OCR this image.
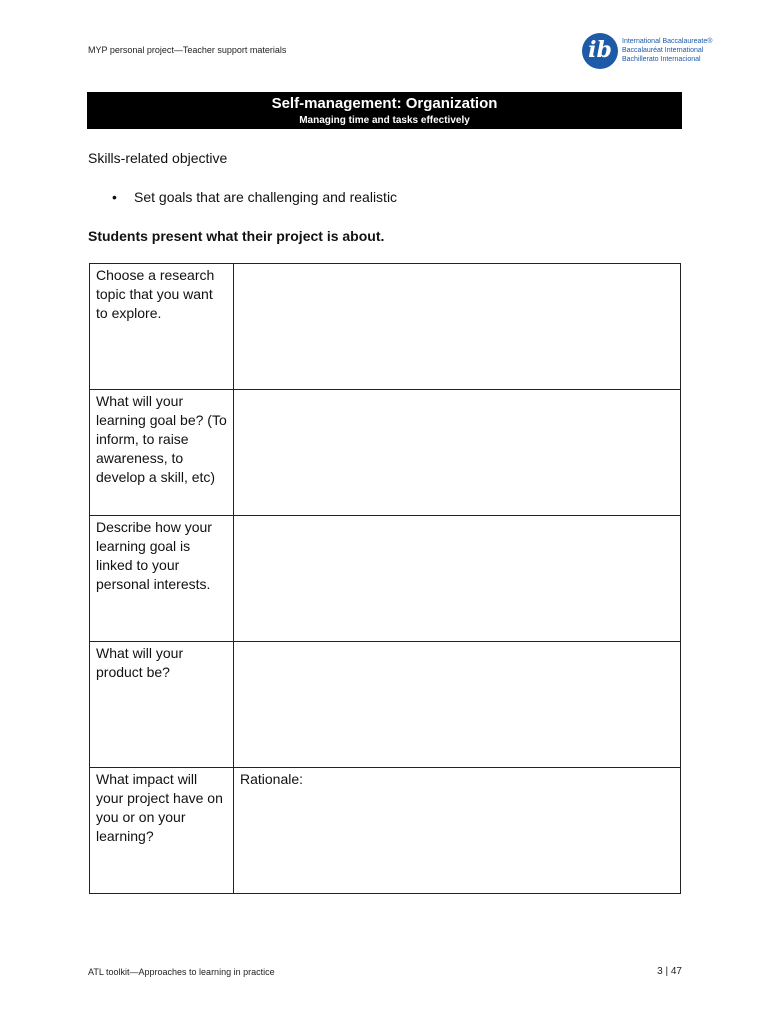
MYP personal project—Teacher support materials	ib	International Baccalaureate®
Baccalauréat International
Bachillerato Internacional
Self-management: Organization
Managing time and tasks effectively
Skills-related objective
• Set goals that are challenging and realistic
Students present what their project is about.
Choose a research topic that you want to explore.	
What will your learning goal be? (To inform, to raise awareness, to develop a skill, etc)	
Describe how your learning goal is linked to your personal interests.	
What will your product be?	
What impact will your project have on you or on your learning?	Rationale:
ATL toolkit—Approaches to learning in practice	3 | 47
